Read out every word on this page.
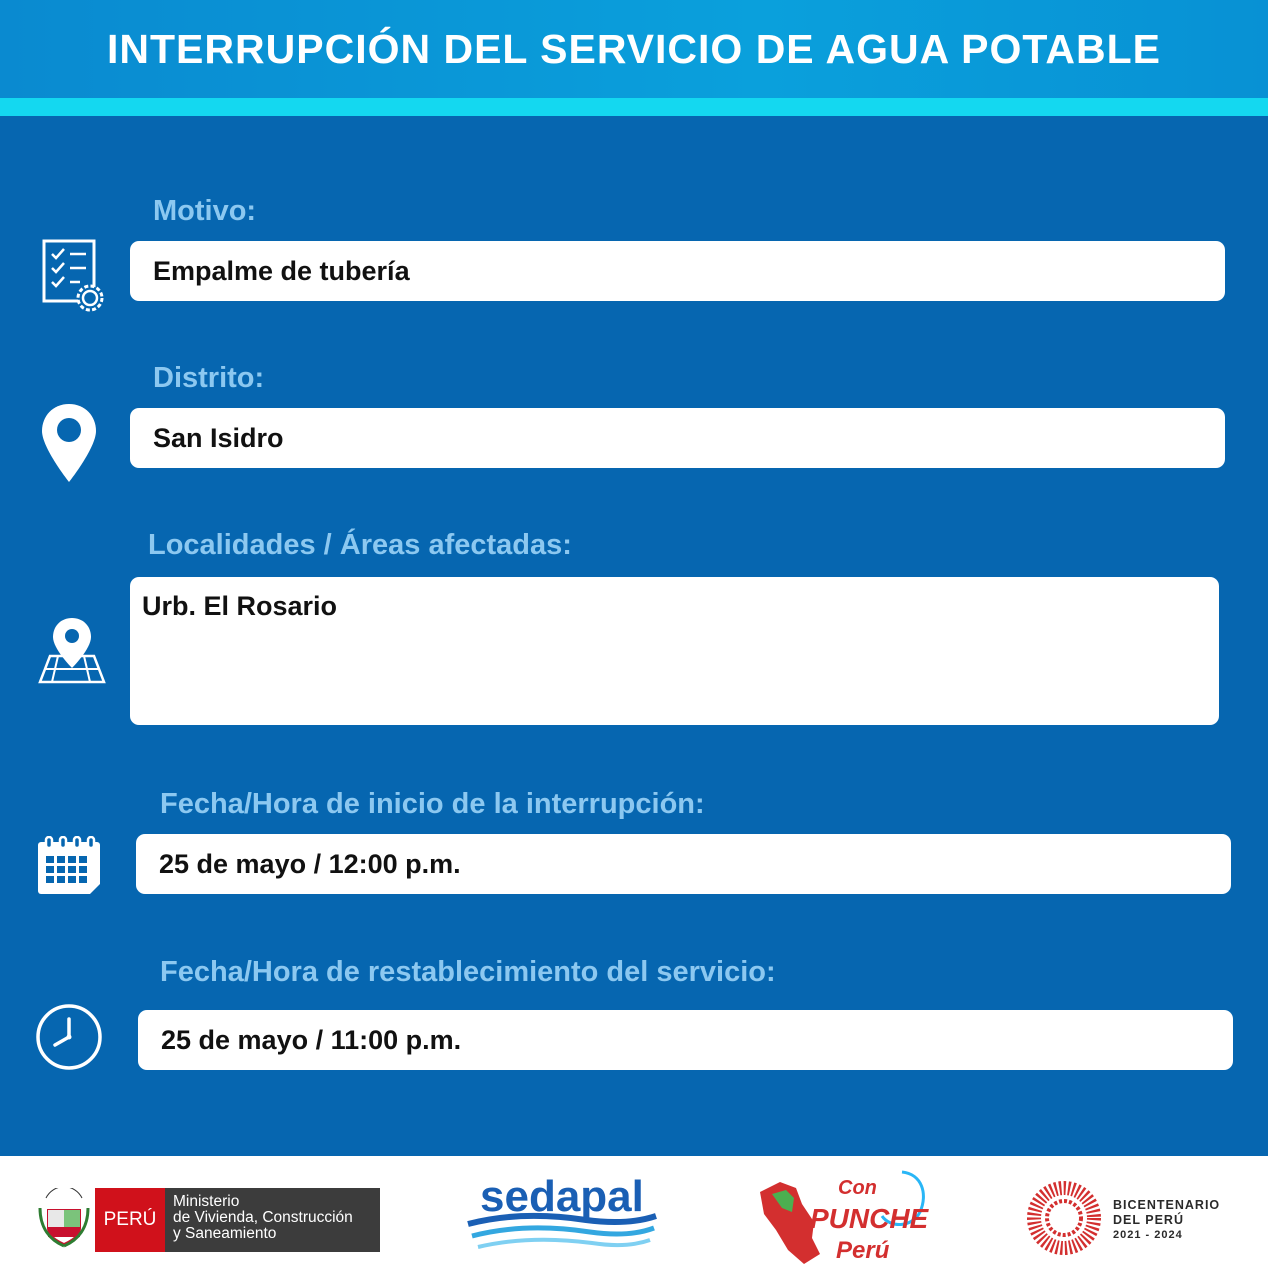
INTERRUPCIÓN DEL SERVICIO DE AGUA POTABLE
Motivo:
Empalme de tubería
Distrito:
San Isidro
Localidades / Áreas afectadas:
Urb. El Rosario
Fecha/Hora de inicio de la interrupción:
25 de mayo / 12:00 p.m.
Fecha/Hora de restablecimiento del servicio:
25 de mayo / 11:00 p.m.
PERÚ
Ministerio
de Vivienda, Construcción
y Saneamiento
sedapal	Con
PUNCHE
Perú
BICENTENARIO
DEL PERÚ
2021 - 2024
